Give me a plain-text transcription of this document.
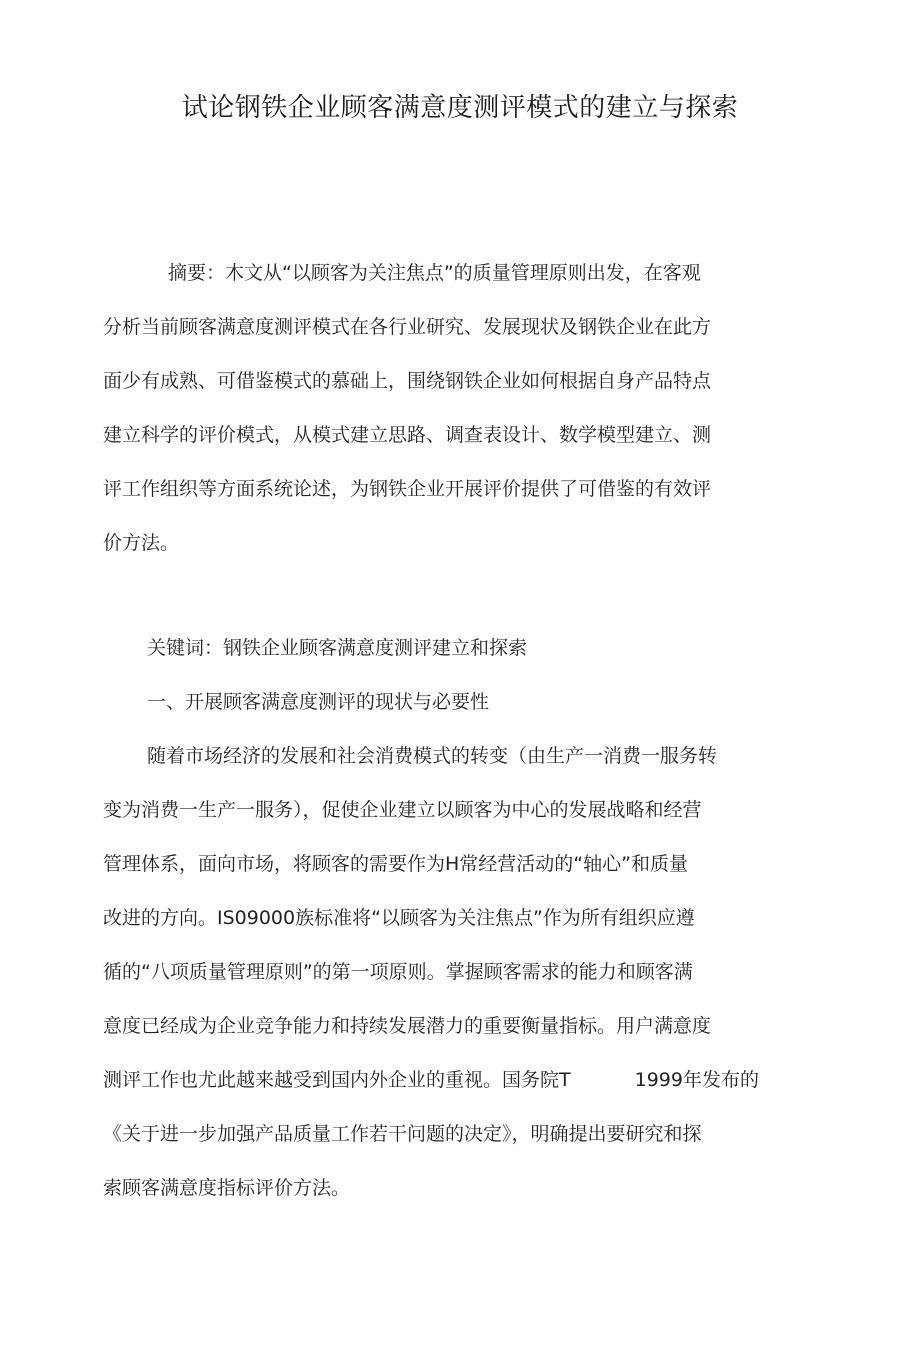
试论钢铁企业顾客满意度测评模式的建立与探索
摘要：木文从“以顾客为关注焦点”的质量管理原则出发，在客观
分析当前顾客满意度测评模式在各行业研究、发展现状及钢铁企业在此方
面少有成熟、可借鉴模式的慕础上，围绕钢铁企业如何根据自身产品特点
建立科学的评价模式，从模式建立思路、调查表设计、数学模型建立、测
评工作组织等方面系统论述，为钢铁企业开展评价提供了可借鉴的有效评
价方法。
关键词：钢铁企业顾客满意度测评建立和探索
一、开展顾客满意度测评的现状与必要性
随着市场经济的发展和社会消费模式的转变（由生产一消费一服务转
变为消费一生产一服务），促使企业建立以顾客为中心的发展战略和经营
管理体系，面向市场，将顾客的需要作为H常经营活动的“轴心”和质量
改进的方向。IS09000族标准将“以顾客为关注焦点”作为所有组织应遵
循的“八项质量管理原则”的第一项原则。掌握顾客需求的能力和顾客满
意度已经成为企业竞争能力和持续发展潜力的重要衡量指标。用户满意度
测评工作也尤此越来越受到国内外企业的重视。国务院T	1999年发布的
《关于进一步加强产品质量工作若干问题的决定》，明确提出要研究和探
索顾客满意度指标评价方法。
